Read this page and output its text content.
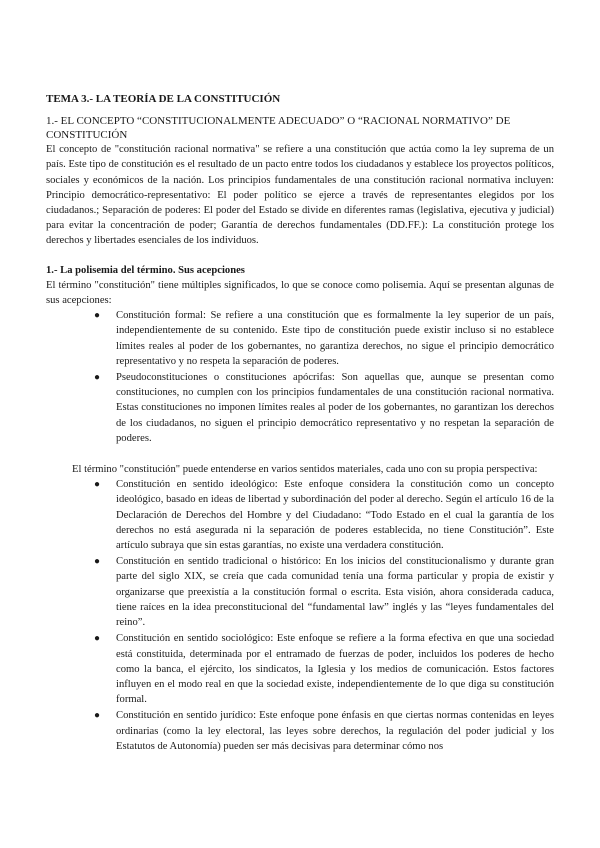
TEMA 3.- LA TEORÍA DE LA CONSTITUCIÓN
1.- EL CONCEPTO “CONSTITUCIONALMENTE ADECUADO” O “RACIONAL NORMATIVO” DE CONSTITUCIÓN

El concepto de "constitución racional normativa" se refiere a una constitución que actúa como la ley suprema de un país. Este tipo de constitución es el resultado de un pacto entre todos los ciudadanos y establece los proyectos políticos, sociales y económicos de la nación. Los principios fundamentales de una constitución racional normativa incluyen: Principio democrático-representativo: El poder político se ejerce a través de representantes elegidos por los ciudadanos.; Separación de poderes: El poder del Estado se divide en diferentes ramas (legislativa, ejecutiva y judicial) para evitar la concentración de poder; Garantía de derechos fundamentales (DD.FF.): La constitución protege los derechos y libertades esenciales de los individuos.

1.- La polisemia del término. Sus acepciones

El término "constitución" tiene múltiples significados, lo que se conoce como polisemia. Aquí se presentan algunas de sus acepciones:

● Constitución formal: Se refiere a una constitución que es formalmente la ley superior de un país, independientemente de su contenido. Este tipo de constitución puede existir incluso si no establece límites reales al poder de los gobernantes, no garantiza derechos, no sigue el principio democrático representativo y no respeta la separación de poderes.
● Pseudoconstituciones o constituciones apócrifas: Son aquellas que, aunque se presentan como constituciones, no cumplen con los principios fundamentales de una constitución racional normativa. Estas constituciones no imponen límites reales al poder de los gobernantes, no garantizan los derechos de los ciudadanos, no siguen el principio democrático representativo y no respetan la separación de poderes.

El término "constitución" puede entenderse en varios sentidos materiales, cada uno con su propia perspectiva:

● Constitución en sentido ideológico: Este enfoque considera la constitución como un concepto ideológico, basado en ideas de libertad y subordinación del poder al derecho. Según el artículo 16 de la Declaración de Derechos del Hombre y del Ciudadano: “Todo Estado en el cual la garantía de los derechos no está asegurada ni la separación de poderes establecida, no tiene Constitución”. Este artículo subraya que sin estas garantías, no existe una verdadera constitución.
● Constitución en sentido tradicional o histórico: En los inicios del constitucionalismo y durante gran parte del siglo XIX, se creía que cada comunidad tenía una forma particular y propia de existir y organizarse que preexistía a la constitución formal o escrita. Esta visión, ahora considerada caduca, tiene raíces en la idea preconstitucional del “fundamental law” inglés y las “leyes fundamentales del reino”.
● Constitución en sentido sociológico: Este enfoque se refiere a la forma efectiva en que una sociedad está constituida, determinada por el entramado de fuerzas de poder, incluidos los poderes de hecho como la banca, el ejército, los sindicatos, la Iglesia y los medios de comunicación. Estos factores influyen en el modo real en que la sociedad existe, independientemente de lo que diga su constitución formal.
● Constitución en sentido jurídico: Este enfoque pone énfasis en que ciertas normas contenidas en leyes ordinarias (como la ley electoral, las leyes sobre derechos, la regulación del poder judicial y los Estatutos de Autonomía) pueden ser más decisivas para determinar cómo nos
